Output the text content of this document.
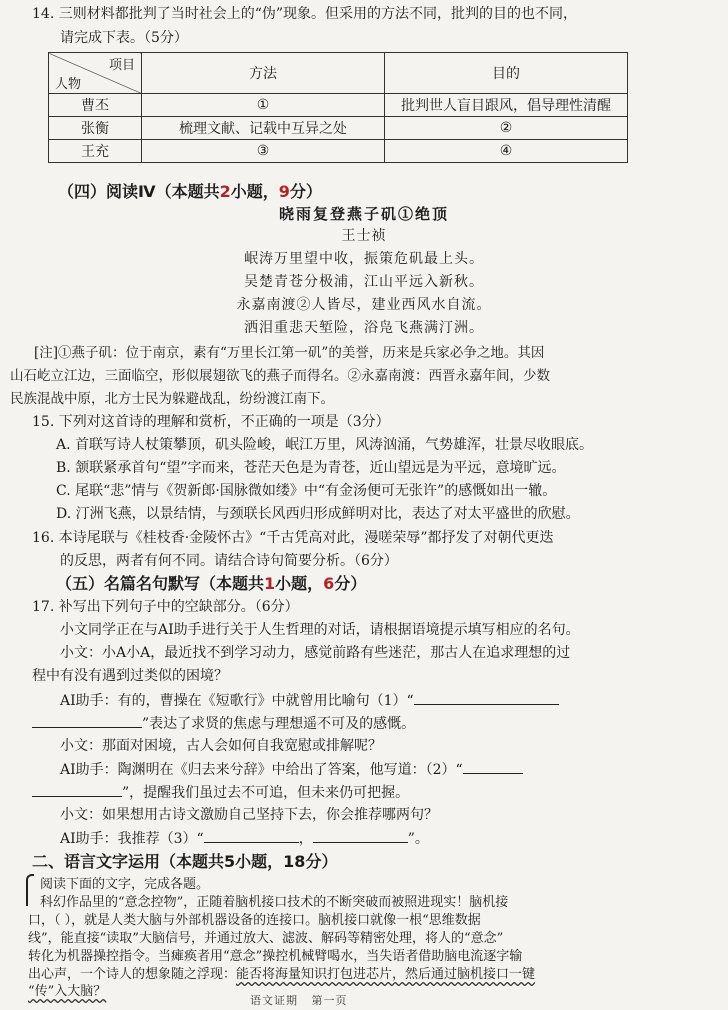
14. 三则材料都批判了当时社会上的“伪”现象。但采用的方法不同，批判的目的也不同，
请完成下表。（5分）
项目
人物	方法	目的
曹丕	①	批判世人盲目跟风，倡导理性清醒
张衡	梳理文献、记载中互异之处	②
王充	③	④
（四）阅读Ⅳ（本题共2小题，9分）
晓雨复登燕子矶①绝顶
王士祯
岷涛万里望中收，振策危矶最上头。
吴楚青苍分极浦，江山平远入新秋。
永嘉南渡②人皆尽，建业西风水自流。
洒泪重悲天堑险，浴凫飞燕满汀洲。
[注]①燕子矶：位于南京，素有“万里长江第一矶”的美誉，历来是兵家必争之地。其因
山石屹立江边，三面临空，形似展翅欲飞的燕子而得名。②永嘉南渡：西晋永嘉年间，少数
民族混战中原，北方士民为躲避战乱，纷纷渡江南下。
15. 下列对这首诗的理解和赏析，不正确的一项是（3分）
A. 首联写诗人杖策攀顶，矶头险峻，岷江万里，风涛汹涌，气势雄浑，壮景尽收眼底。
B. 颔联紧承首句“望”字而来，苍茫天色是为青苍，近山望远是为平远，意境旷远。
C. 尾联“悲”情与《贺新郎·国脉微如缕》中“有金汤便可无张许”的感慨如出一辙。
D. 汀洲飞燕，以景结情，与颈联长风西归形成鲜明对比，表达了对太平盛世的欣慰。
16. 本诗尾联与《桂枝香·金陵怀古》“千古凭高对此，漫嗟荣辱”都抒发了对朝代更迭
的反思，两者有何不同。请结合诗句简要分析。（6分）
（五）名篇名句默写（本题共1小题，6分）
17. 补写出下列句子中的空缺部分。（6分）
小文同学正在与AI助手进行关于人生哲理的对话，请根据语境提示填写相应的名句。
小文：小A小A，最近找不到学习动力，感觉前路有些迷茫，那古人在追求理想的过
程中有没有遇到过类似的困境？
AI助手：有的，曹操在《短歌行》中就曾用比喻句（1）“
”表达了求贤的焦虑与理想遥不可及的感慨。
小文：那面对困境，古人会如何自我宽慰或排解呢？
AI助手：陶渊明在《归去来兮辞》中给出了答案，他写道：（2）“
”，提醒我们虽过去不可追，但未来仍可把握。
小文：如果想用古诗文激励自己坚持下去，你会推荐哪两句？
AI助手：我推荐（3）“	，	”。
二、语言文字运用（本题共5小题，18分）
阅读下面的文字，完成各题。
科幻作品里的“意念控物”，正随着脑机接口技术的不断突破而被照进现实！脑机接
口，（ ），就是人类大脑与外部机器设备的连接口。脑机接口就像一根“思维数据
线”，能直接“读取”大脑信号，并通过放大、滤波、解码等精密处理，将人的“意念”
转化为机器操控指令。当瘫痪者用“意念”操控机械臂喝水，当失语者借助脑电流逐字输
语文证期 第一页
出心声，一个诗人的想象随之浮现：能否将海量知识打包进芯片，然后通过脑机接口一键
“传”入大脑？
